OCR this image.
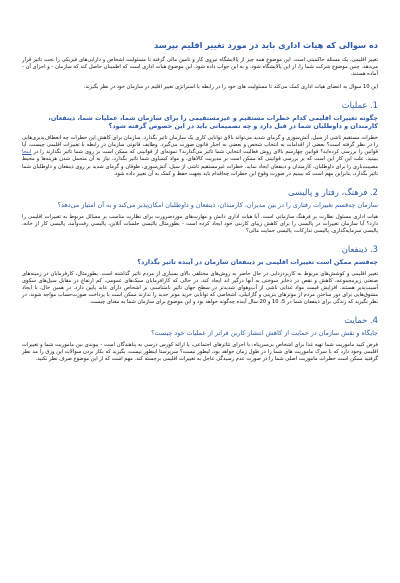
ده سوالی که هیات اداری باید در مورد تغییر اقلیم بپرسد

تغییر اقلیمی، یک مسئله حاکمیتی است. این موضوع همه چیز از پالایشگاه نیروی کار و تامین مالی گرفته تا مسئولیت اشخاص و دارایی‌های فیزیکی را تحت تاثیر قرار می‌دهد. چنین موضوع شرکت شما را، از این پالایشگاه شود. و به این جواب داده شود. این موضوع هیات اداری است که اطمینان حاصل کند که سازمان - و اجزای آن - آماده هستند.

این 10 سوال به اعضای هیات اداری کمک می‌کند تا مسئولیت های خود را در رابطه با استراتژی تغییر اقلیم در سازمان خود در نظر بگیرند.

1. عملیات
چگونه تغییرات اقلیمی کدام خطرات مستقیم و غیرمستقیمی را برای سازمان شما، عملیات شما، ذینفعان، کارمندان و داوطلبان شما در قبل دارد و چه تصمیماتی باید در این خصوص گرفته شود؟

خطرات مستقیم ناشی از سیل، آتش‌سوزی و گرمای شدید می‌تواند بالای توانایی کاری یک سازمان تاثیر بگذارد. سازمان برای کاهش این خطرات چه انعطاف‌پذیری‌هایی را در نظر گرفته است؟ بعضی از اقدامات به انتخاب شخص و بعضی به اجبار قانون صورت می‌گیرد. وظایف قانونی سازمان در رابطه با تغییرات اقلیمی چیست، آیا قوانین را بررسی کرده‌اید؟ قوانین چهارسم بالای روش فعالیت انتخابی شما تاثیر می‌گذارند؟ نمونه‌ای از قوانینی که ممکن است بر روی شما تاثیر بگذارند را در اینجا ببینید. علت این کار این است که بر بررسی قوانینی که ممکن است بر مدیریت کالاهای، و مواد کیمیاوی شما تاثیر بگذارد، نیاز به آن متحمل شدن هزینه‌ها و محیط مصیبت‌باری را برای داوطلبان، کارمندان و ذینفعان ایجاد نماید. خطرات غیرمستقیم ناشی از سیل، آتش‌سوزی، طوفان و گرمای شدید بر روی ذینفعان و داوطلبان شما تاثیر بگذارد، بنابراین مهم است که ببینیم در صورت وقوع این خطرات چه‌اقدام باید بجهت حفظ و کمک به آن تغییر داده شود.

2. فرهنگ، رفتار و پالیسی
سازمان چه‌قسم تغییرات رفتاری را در بین مدیران، کارمندان، ذینفعان و داوطلبان امکان‌پذیر می‌کند و به آن امتیاز می‌دهد؟

هیات اداری مسئول نظارت بر فرهنگ سازمانی است. آیا هیات اداری دانش و مهارت‌های موردضرورت برای نظارت مناسب بر مسائل مربوط به تغییرات اقلیمی را دارد؟ آیا سازمان تغییرات در پالیسی را برای کاهش زیبای کاربنی خود ایجاد کرده است - بطورمثال پالیسی جلسات آنلاین، پالیسی رفت‌وآمد، پالیسی کار از خانه، پالیسی سرمایه‌گذاری، پالیسی تدارکات، پالیسی حمایت مالی؟

3. ذینفعان
چه‌قسم ممکن است تغییرات اقلیمی بر ذینفعان سازمان در آینده تاثیر بگذارد؟

تغییر اقلیمی و کوشش‌های مربوط به کاربرد‌زدایی در حال حاضر به روش‌های مختلفی بالای بسیاری از مردم تاثیر گذاشته است. بطورمثال، کارفرمایان در زمینه‌های صنعتی زیرمجموعه، کاهش و نقص در ذخایر سوختی به آنها درگیر اند ایجاد کند. در حالی که کارافرمایان سبک‌های عمومی، کم ارتفاع در مقابل سیل‌های سکوی آسیب‌پذیر هستند. افزایش قیمت مواد غذایی ناشی از آب‌وهوای شدیدتر در سطح جهان تاثیر نامتناسبی بر اشخاص دارای عاید پایین دارد. در همین حال، با ایجاد مشوق‌هایی برای دور ساختن مردم از موترهای بنزینی و گازانیلی، اشخاصی که توانایی خرید موتر جدید را ندارند ممکن است با پرداخت صورت‌حساب مواجه شوند. در نظر بگیرید که زندگی برای ذینفعان شما در 5، 10 و 20 سال آینده چه‌گونه خواهد بود و این موضوع برای سازمان شما به معنای چیست.

4. حمایت
جایگاه و نقش سازمان در حمایت از کاهش انتشار کاربن فراتر از عملیات خود چیست؟

فرض کنید ماموریت شما تهیه غذا برای اشخاص بی‌سرپناه، یا اجرای تئاترهای اجتماعی، یا ارائه کورس درسی به پناهندگان است - پیوندی بین ماموریت شما و تغییرات اقلیمی وجود دارد که با سرک ماموریت های شما را در طول زمان خواهد بود، لیطور نیست؟ سرپرستا اینطور نیست، بگیرید که بکار بردن سوالات این ورق را مد نظر گرفتید ممکن است خطرات ماموریت اصلی شما را در صورت عدم رسیدگی عاجل به تغییرات اقلیمی برجسته کند. مهم است که از این موضوع صرف نظر نکنید.
